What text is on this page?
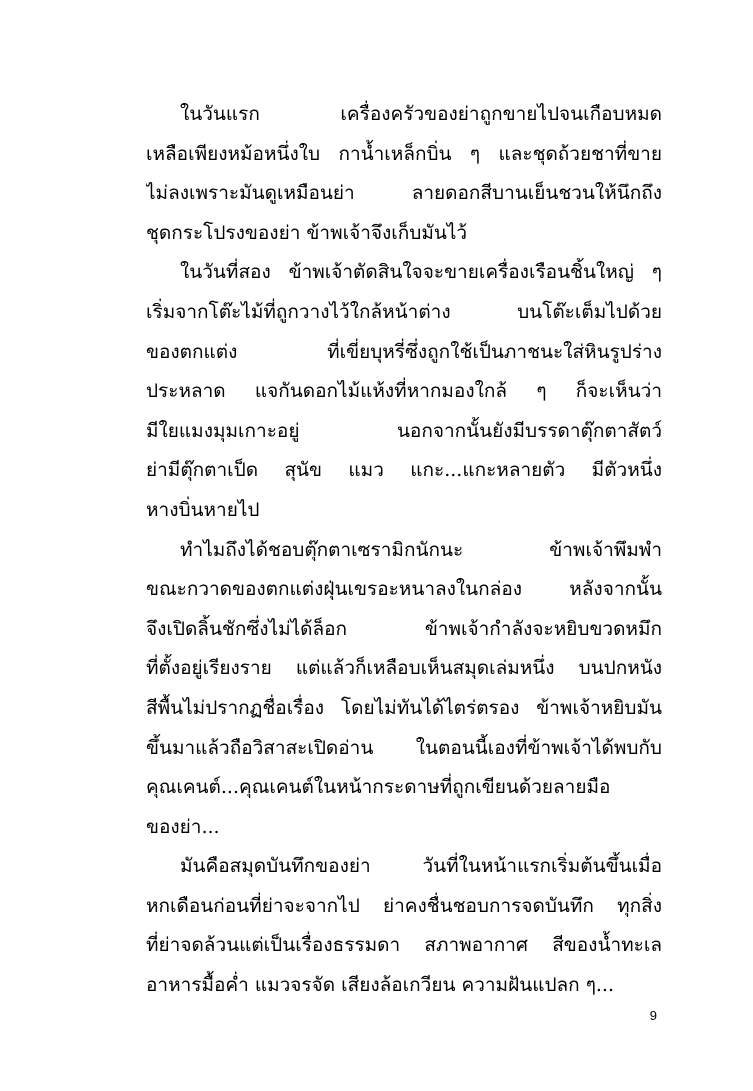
ในวันแรก เครื่องครัวของย่าถูกขายไปจนเกือบหมด
เหลือเพียงหม้อหนึ่งใบ กาน้ำเหล็กบิ่น ๆ และชุดถ้วยชาที่ขาย
ไม่ลงเพราะมันดูเหมือนย่า ลายดอกสีบานเย็นชวนให้นึกถึง
ชุดกระโปรงของย่า ข้าพเจ้าจึงเก็บมันไว้
ในวันที่สอง ข้าพเจ้าตัดสินใจจะขายเครื่องเรือนชิ้นใหญ่ ๆ
เริ่มจากโต๊ะไม้ที่ถูกวางไว้ใกล้หน้าต่าง บนโต๊ะเต็มไปด้วย
ของตกแต่ง ที่เขี่ยบุหรี่ซึ่งถูกใช้เป็นภาชนะใส่หินรูปร่าง
ประหลาด แจกันดอกไม้แห้งที่หากมองใกล้ ๆ ก็จะเห็นว่า
มีใยแมงมุมเกาะอยู่ นอกจากนั้นยังมีบรรดาตุ๊กตาสัตว์
ย่ามีตุ๊กตาเป็ด สุนัข แมว แกะ...แกะหลายตัว มีตัวหนึ่ง
หางบิ่นหายไป
ทำไมถึงได้ชอบตุ๊กตาเซรามิกนักนะ ข้าพเจ้าพึมพำ
ขณะกวาดของตกแต่งฝุ่นเขรอะหนาลงในกล่อง หลังจากนั้น
จึงเปิดลิ้นชักซึ่งไม่ได้ล็อก ข้าพเจ้ากำลังจะหยิบขวดหมึก
ที่ตั้งอยู่เรียงราย แต่แล้วก็เหลือบเห็นสมุดเล่มหนึ่ง บนปกหนัง
สีพื้นไม่ปรากฏชื่อเรื่อง โดยไม่ทันได้ไตร่ตรอง ข้าพเจ้าหยิบมัน
ขึ้นมาแล้วถือวิสาสะเปิดอ่าน ในตอนนี้เองที่ข้าพเจ้าได้พบกับ
คุณเคนต์...คุณเคนต์ในหน้ากระดาษที่ถูกเขียนด้วยลายมือ
ของย่า...
มันคือสมุดบันทึกของย่า วันที่ในหน้าแรกเริ่มต้นขึ้นเมื่อ
หกเดือนก่อนที่ย่าจะจากไป ย่าคงชื่นชอบการจดบันทึก ทุกสิ่ง
ที่ย่าจดล้วนแต่เป็นเรื่องธรรมดา สภาพอากาศ สีของน้ำทะเล
อาหารมื้อค่ำ แมวจรจัด เสียงล้อเกวียน ความฝันแปลก ๆ...
9
